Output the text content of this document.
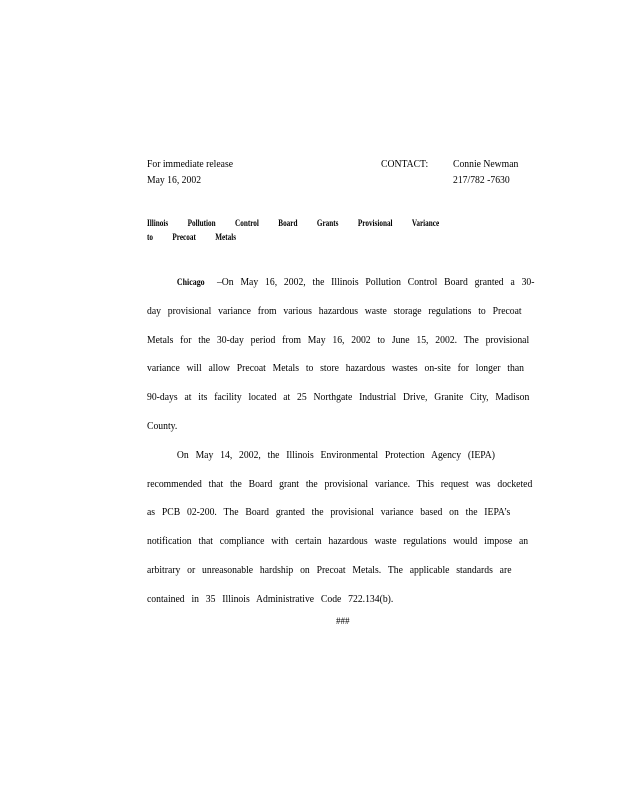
For immediate release
May 16, 2002
CONTACT: Connie Newman
217/782 -7630
Illinois Pollution Control Board Grants Provisional Variance to Precoat Metals

Chicago –On May 16, 2002, the Illinois Pollution Control Board granted a 30-day provisional variance from various hazardous waste storage regulations to Precoat Metals for the 30-day period from May 16, 2002 to June 15, 2002. The provisional variance will allow Precoat Metals to store hazardous wastes on-site for longer than 90-days at its facility located at 25 Northgate Industrial Drive, Granite City, Madison County.

On May 14, 2002, the Illinois Environmental Protection Agency (IEPA) recommended that the Board grant the provisional variance. This request was docketed as PCB 02-200. The Board granted the provisional variance based on the IEPA’s notification that compliance with certain hazardous waste regulations would impose an arbitrary or unreasonable hardship on Precoat Metals. The applicable standards are contained in 35 Illinois Administrative Code 722.134(b).

###
